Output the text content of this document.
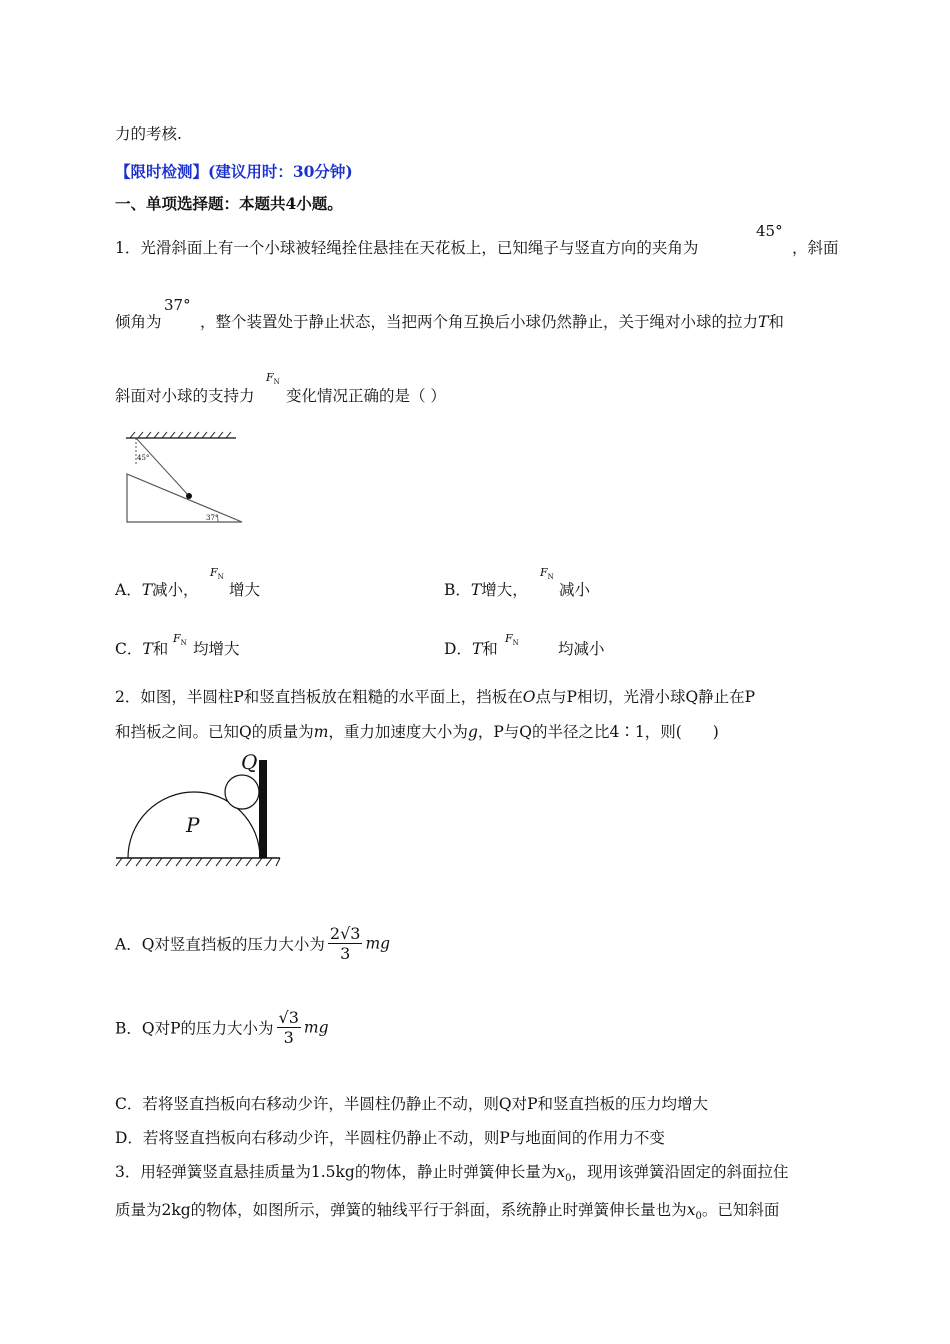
力的考核.
【限时检测】(建议用时：30分钟)
一、单项选择题：本题共4小题。
1．光滑斜面上有一个小球被轻绳拴住悬挂在天花板上，已知绳子与竖直方向的夹角为
45°
，斜面
倾角为
37°
，整个装置处于静止状态，当把两个角互换后小球仍然静止，关于绳对小球的拉力T和
斜面对小球的支持力
$F_N$
变化情况正确的是（ ）
45°
37°
A．T减小，
$F_N$
增大	B．T增大，
$F_N$
减小
C．T和
$F_N$ 均增大	D．T和
$F_N$	均减小
2．如图，半圆柱P和竖直挡板放在粗糙的水平面上，挡板在O点与P相切，光滑小球Q静止在P
和挡板之间。已知Q的质量为m，重力加速度大小为g，P与Q的半径之比4∶1，则(　　)
P
Q
A．Q对竖直挡板的压力大小为 $\frac{2√3}{3}$ mg
B．Q对P的压力大小为 $\frac{√3}{3}$ mg
C．若将竖直挡板向右移动少许，半圆柱仍静止不动，则Q对P和竖直挡板的压力均增大
D．若将竖直挡板向右移动少许，半圆柱仍静止不动，则P与地面间的作用力不变
3．用轻弹簧竖直悬挂质量为1.5kg的物体，静止时弹簧伸长量为$x_0$，现用该弹簧沿固定的斜面拉住
质量为2kg的物体，如图所示，弹簧的轴线平行于斜面，系统静止时弹簧伸长量也为$x_0$。已知斜面
